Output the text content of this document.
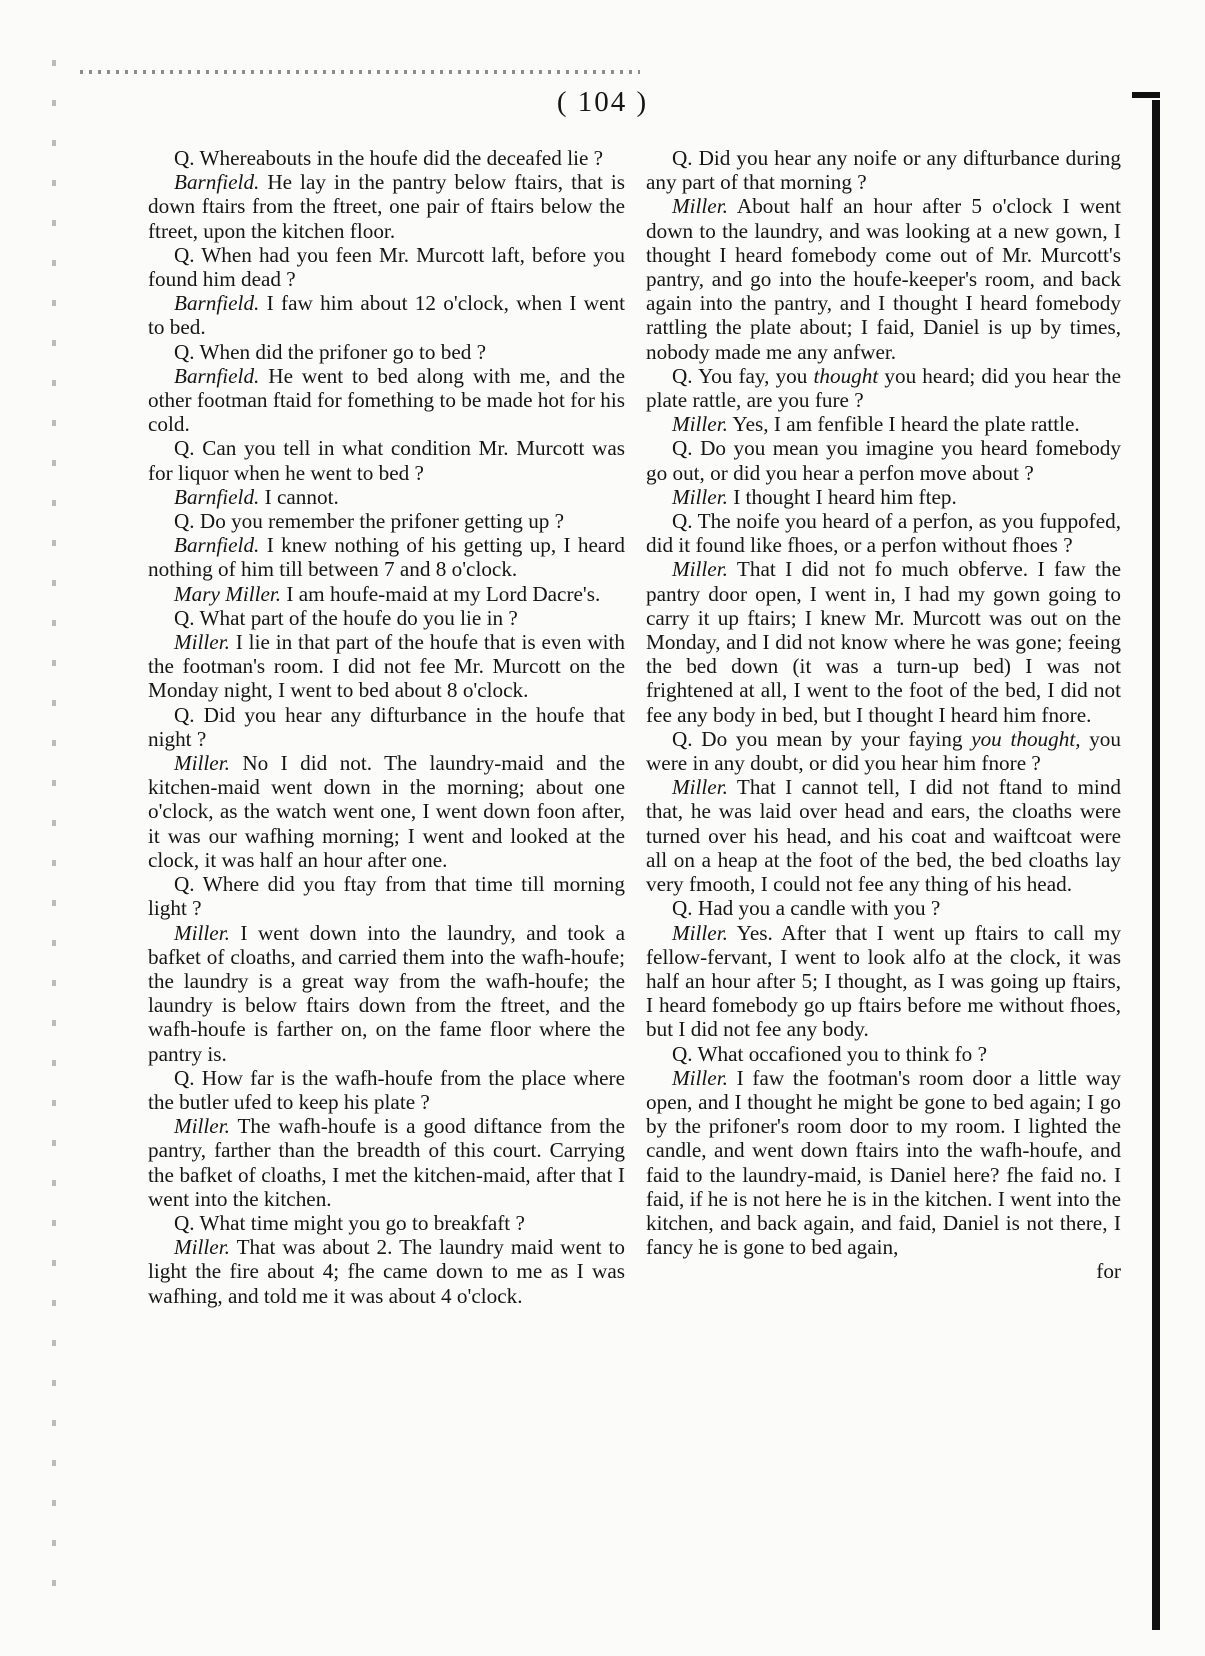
( 104 )

Q. Whereabouts in the houfe did the deceafed lie ?

Barnfield. He lay in the pantry below ftairs, that is down ftairs from the ftreet, one pair of ftairs below the ftreet, upon the kitchen floor.

Q. When had you feen Mr. Murcott laft, before you found him dead ?

Barnfield. I faw him about 12 o'clock, when I went to bed.

Q. When did the prifoner go to bed ?

Barnfield. He went to bed along with me, and the other footman ftaid for fomething to be made hot for his cold.

Q. Can you tell in what condition Mr. Murcott was for liquor when he went to bed ?

Barnfield. I cannot.

Q. Do you remember the prifoner getting up ?

Barnfield. I knew nothing of his getting up, I heard nothing of him till between 7 and 8 o'clock.

Mary Miller. I am houfe-maid at my Lord Dacre's.

Q. What part of the houfe do you lie in ?

Miller. I lie in that part of the houfe that is even with the footman's room. I did not fee Mr. Murcott on the Monday night, I went to bed about 8 o'clock.

Q. Did you hear any difturbance in the houfe that night ?

Miller. No I did not. The laundry-maid and the kitchen-maid went down in the morning; about one o'clock, as the watch went one, I went down foon after, it was our wafhing morning; I went and looked at the clock, it was half an hour after one.

Q. Where did you ftay from that time till morning light ?

Miller. I went down into the laundry, and took a bafket of cloaths, and carried them into the wafh-houfe; the laundry is a great way from the wafh-houfe; the laundry is below ftairs down from the ftreet, and the wafh-houfe is farther on, on the fame floor where the pantry is.

Q. How far is the wafh-houfe from the place where the butler ufed to keep his plate ?

Miller. The wafh-houfe is a good diftance from the pantry, farther than the breadth of this court. Carrying the bafket of cloaths, I met the kitchen-maid, after that I went into the kitchen.

Q. What time might you go to breakfaft ?

Miller. That was about 2. The laundry maid went to light the fire about 4; fhe came down to me as I was wafhing, and told me it was about 4 o'clock.

Q. Did you hear any noife or any difturbance during any part of that morning ?

Miller. About half an hour after 5 o'clock I went down to the laundry, and was looking at a new gown, I thought I heard fomebody come out of Mr. Murcott's pantry, and go into the houfe-keeper's room, and back again into the pantry, and I thought I heard fomebody rattling the plate about; I faid, Daniel is up by times, nobody made me any anfwer.

Q. You fay, you thought you heard; did you hear the plate rattle, are you fure ?

Miller. Yes, I am fenfible I heard the plate rattle.

Q. Do you mean you imagine you heard fomebody go out, or did you hear a perfon move about ?

Miller. I thought I heard him ftep.

Q. The noife you heard of a perfon, as you fuppofed, did it found like fhoes, or a perfon without fhoes ?

Miller. That I did not fo much obferve. I faw the pantry door open, I went in, I had my gown going to carry it up ftairs; I knew Mr. Murcott was out on the Monday, and I did not know where he was gone; feeing the bed down (it was a turn-up bed) I was not frightened at all, I went to the foot of the bed, I did not fee any body in bed, but I thought I heard him fnore.

Q. Do you mean by your faying you thought, you were in any doubt, or did you hear him fnore ?

Miller. That I cannot tell, I did not ftand to mind that, he was laid over head and ears, the cloaths were turned over his head, and his coat and waiftcoat were all on a heap at the foot of the bed, the bed cloaths lay very fmooth, I could not fee any thing of his head.

Q. Had you a candle with you ?

Miller. Yes. After that I went up ftairs to call my fellow-fervant, I went to look alfo at the clock, it was half an hour after 5; I thought, as I was going up ftairs, I heard fomebody go up ftairs before me without fhoes, but I did not fee any body.

Q. What occafioned you to think fo ?

Miller. I faw the footman's room door a little way open, and I thought he might be gone to bed again; I go by the prifoner's room door to my room. I lighted the candle, and went down ftairs into the wafh-houfe, and faid to the laundry-maid, is Daniel here? fhe faid no. I faid, if he is not here he is in the kitchen. I went into the kitchen, and back again, and faid, Daniel is not there, I fancy he is gone to bed again,

for
